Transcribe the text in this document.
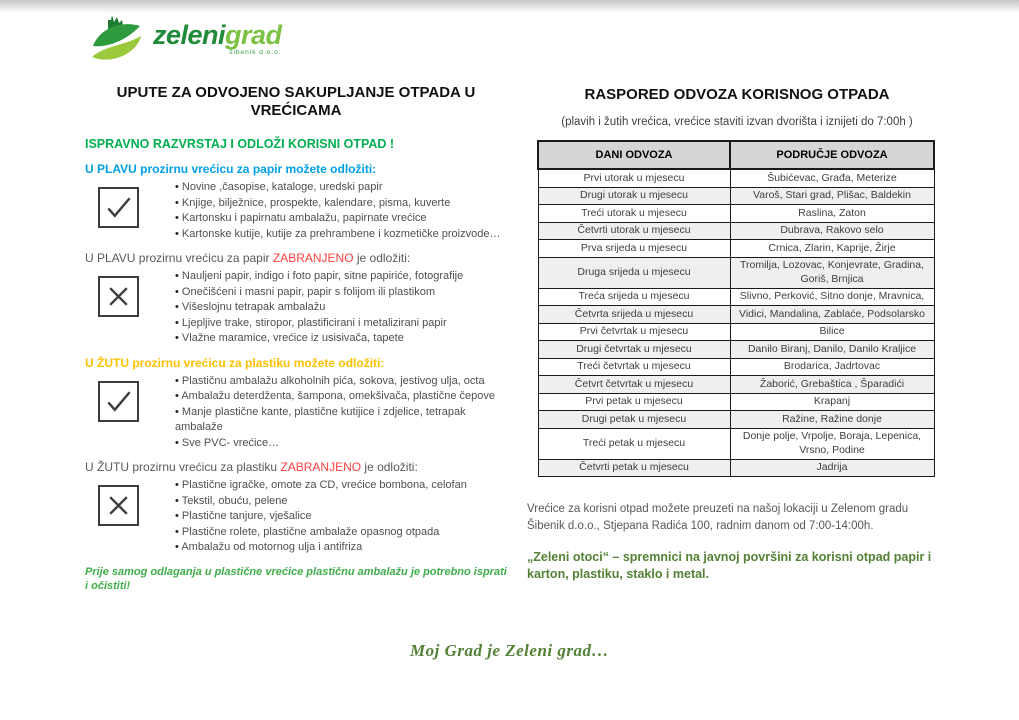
zelenigrad
šibenik d.o.o.
UPUTE ZA ODVOJENO SAKUPLJANJE OTPADA U VREĆICAMA
ISPRAVNO RAZVRSTAJ I ODLOŽI KORISNI OTPAD !
U PLAVU prozirnu vrećicu za papir možete odložiti:
• Novine ,časopise, kataloge, uredski papir
• Knjige, bilježnice, prospekte, kalendare, pisma, kuverte
• Kartonsku i papirnatu ambalažu, papirnate vrećice
• Kartonske kutije, kutije za prehrambene i kozmetičke proizvode…
U PLAVU prozirnu vrećicu za papir ZABRANJENO je odložiti:
• Nauljeni papir, indigo i foto papir, sitne papiriće, fotografije
• Onečišćeni i masni papir, papir s folijom ili plastikom
• Višeslojnu tetrapak ambalažu
• Ljepljive trake, stiropor, plastificirani i metalizirani papir
• Vlažne maramice, vrećice iz usisivača, tapete
U ŽUTU prozirnu vrećicu za plastiku možete odložiti:
• Plastičnu ambalažu alkoholnih pića, sokova, jestivog ulja, octa
• Ambalažu deterdženta, šampona, omekšivača, plastične čepove
• Manje plastične kante, plastične kutijice i zdjelice, tetrapak ambalaže
• Sve PVC- vrećice…
U ŽUTU prozirnu vrećicu za plastiku ZABRANJENO je odložiti:
• Plastične igračke, omote za CD, vrećice bombona, celofan
• Tekstil, obuću, pelene
• Plastične tanjure, vješalice
• Plastične rolete, plastične ambalaže opasnog otpada
• Ambalažu od motornog ulja i antifriza
Prije samog odlaganja u plastične vrećice plastičnu ambalažu je potrebno isprati i očistiti!
RASPORED ODVOZA KORISNOG OTPADA

(plavih i žutih vrećica, vrećice staviti izvan dvorišta i iznijeti do 7:00h )

DANI ODVOZA	PODRUČJE ODVOZA
Prvi utorak u mjesecu	Šubićevac, Građa, Meterize
Drugi utorak u mjesecu	Varoš, Stari grad, Plišac, Baldekin
Treći utorak u mjesecu	Raslina, Zaton
Četvrti utorak u mjesecu	Dubrava, Rakovo selo
Prva srijeda u mjesecu	Crnica, Zlarin, Kaprije, Žirje
Druga srijeda u mjesecu	Tromilja, Lozovac, Konjevrate, Gradina, Goriš, Brnjica
Treća srijeda u mjesecu	Slivno, Perković, Sitno donje, Mravnica,
Četvrta srijeda u mjesecu	Vidici, Mandalina, Zablaće, Podsolarsko
Prvi četvrtak u mjesecu	Bilice
Drugi četvrtak u mjesecu	Danilo Biranj, Danilo, Danilo Kraljice
Treći četvrtak u mjesecu	Brodarica, Jadrtovac
Četvrt četvrtak u mjesecu	Žaborić, Grebaštica , Šparadići
Prvi petak u mjesecu	Krapanj
Drugi petak u mjesecu	Ražine, Ražine donje
Treći petak u mjesecu	Donje polje, Vrpolje, Boraja, Lepenica, Vrsno, Podine
Četvrti petak u mjesecu	Jadrija

Vrećice za korisni otpad možete preuzeti na našoj lokaciji u Zelenom gradu Šibenik d.o.o., Stjepana Radića 100, radnim danom od 7:00-14:00h.

„Zeleni otoci“ – spremnici na javnoj površini za korisni otpad papir i karton, plastiku, staklo i metal.

Moj Grad je Zeleni grad…
